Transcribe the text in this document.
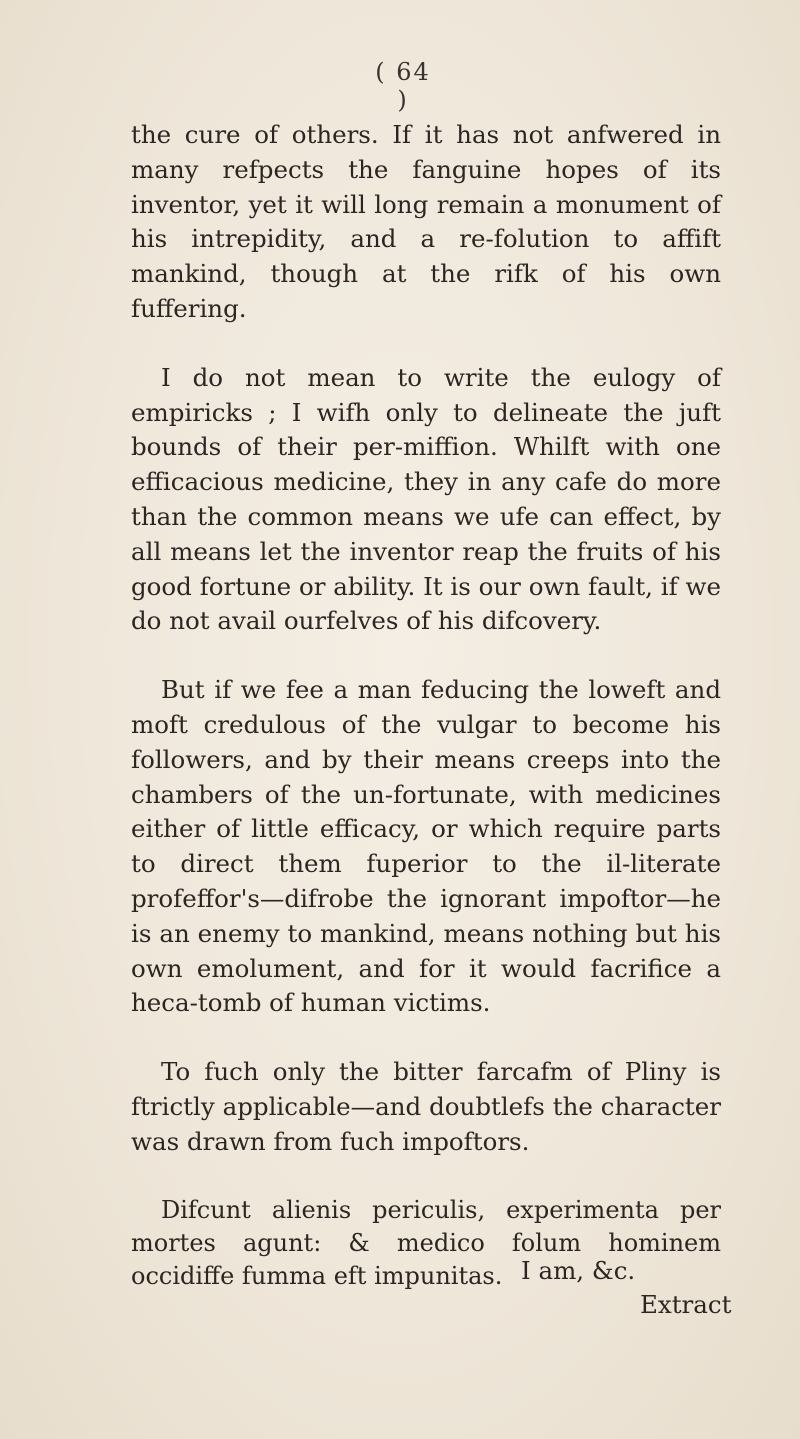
( 64 )

the cure of others. If it has not anfwered in many refpects the fanguine hopes of its inventor, yet it will long remain a monument of his intrepidity, and a re-folution to affift mankind, though at the rifk of his own fuffering.

I do not mean to write the eulogy of empiricks ; I wifh only to delineate the juft bounds of their per-miffion. Whilft with one efficacious medicine, they in any cafe do more than the common means we ufe can effect, by all means let the inventor reap the fruits of his good fortune or ability. It is our own fault, if we do not avail ourfelves of his difcovery.

But if we fee a man feducing the loweft and moft credulous of the vulgar to become his followers, and by their means creeps into the chambers of the un-fortunate, with medicines either of little efficacy, or which require parts to direct them fuperior to the il-literate profeffor's—difrobe the ignorant impoftor—he is an enemy to mankind, means nothing but his own emolument, and for it would facrifice a heca-tomb of human victims.

To fuch only the bitter farcafm of Pliny is ftrictly applicable—and doubtlefs the character was drawn from fuch impoftors.

Difcunt alienis periculis, experimenta per mortes agunt: & medico folum hominem occidiffe fumma eft impunitas. I am, &c.
Extract
